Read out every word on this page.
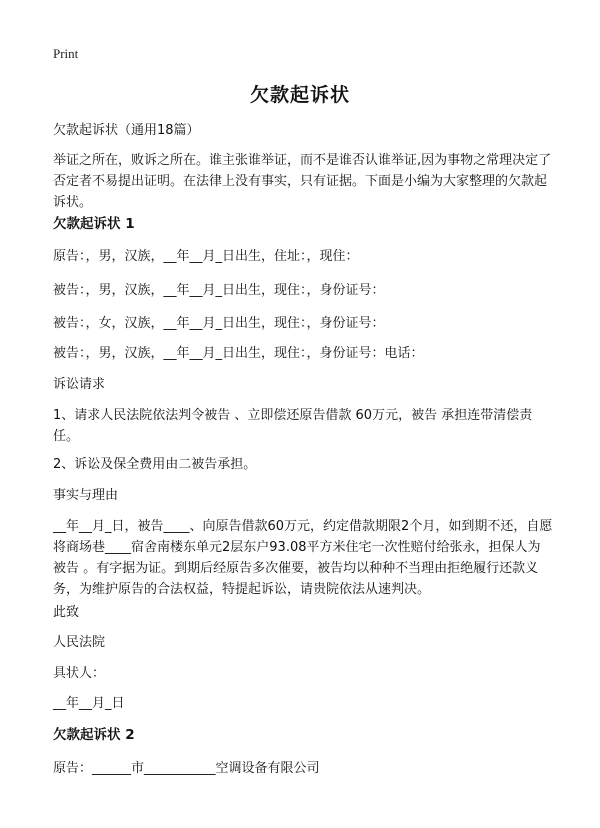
Print
欠款起诉状
欠款起诉状（通用18篇）
举证之所在，败诉之所在。谁主张谁举证，而不是谁否认谁举证,因为事物之常理决定了否定者不易提出证明。在法律上没有事实，只有证据。下面是小编为大家整理的欠款起诉状。
欠款起诉状 1
原告：，男，汉族，__年__月_日出生，住址：，现住：
被告：，男，汉族，__年__月_日出生，现住：，身份证号：
被告：，女，汉族，__年__月_日出生，现住：，身份证号：
被告：，男，汉族，__年__月_日出生，现住：，身份证号：电话：
诉讼请求
1、请求人民法院依法判令被告 、立即偿还原告借款 60万元，被告 承担连带清偿责任。
2、诉讼及保全费用由二被告承担。
事实与理由
__年__月_日，被告____、向原告借款60万元，约定借款期限2个月，如到期不还，自愿将商场巷____宿舍南楼东单元2层东户93.08平方米住宅一次性赔付给张永，担保人为被告 。有字据为证。到期后经原告多次催要，被告均以种种不当理由拒绝履行还款义务，为维护原告的合法权益，特提起诉讼，请贵院依法从速判决。
此致
人民法院
具状人：
__年__月_日
欠款起诉状 2
原告：______市___________空调设备有限公司
